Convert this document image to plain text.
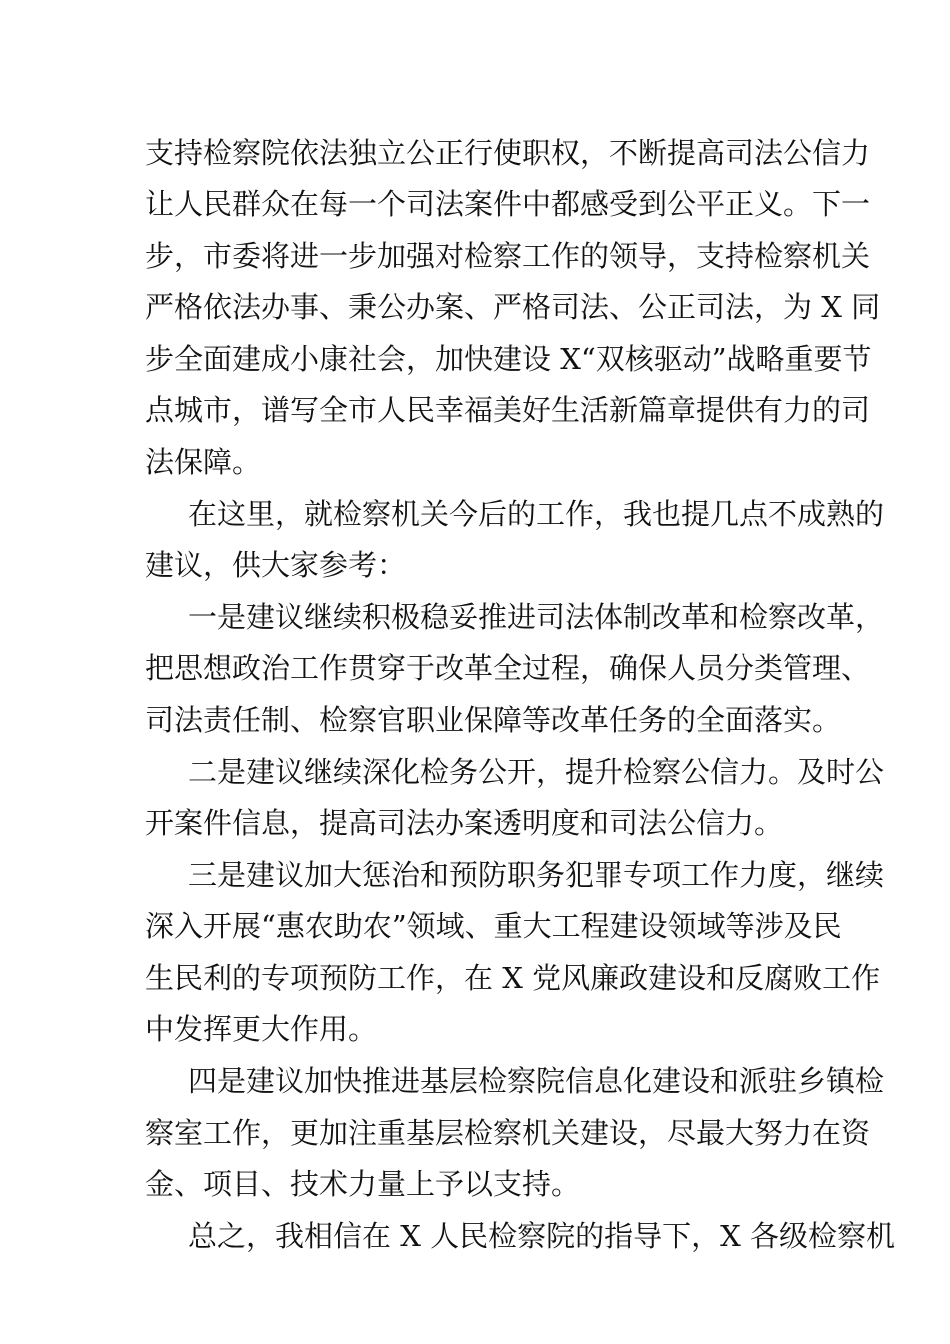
支持检察院依法独立公正行使职权，不断提高司法公信力
让人民群众在每一个司法案件中都感受到公平正义。下一
步，市委将进一步加强对检察工作的领导，支持检察机关
严格依法办事、秉公办案、严格司法、公正司法，为 X 同
步全面建成小康社会，加快建设 X“双核驱动”战略重要节
点城市，谱写全市人民幸福美好生活新篇章提供有力的司
法保障。
在这里，就检察机关今后的工作，我也提几点不成熟的
建议，供大家参考：
一是建议继续积极稳妥推进司法体制改革和检察改革，
把思想政治工作贯穿于改革全过程，确保人员分类管理、
司法责任制、检察官职业保障等改革任务的全面落实。
二是建议继续深化检务公开，提升检察公信力。及时公
开案件信息，提高司法办案透明度和司法公信力。
三是建议加大惩治和预防职务犯罪专项工作力度，继续
深入开展“惠农助农”领域、重大工程建设领域等涉及民
生民利的专项预防工作，在 X 党风廉政建设和反腐败工作
中发挥更大作用。
四是建议加快推进基层检察院信息化建设和派驻乡镇检
察室工作，更加注重基层检察机关建设，尽最大努力在资
金、项目、技术力量上予以支持。
总之，我相信在 X 人民检察院的指导下，X 各级检察机
